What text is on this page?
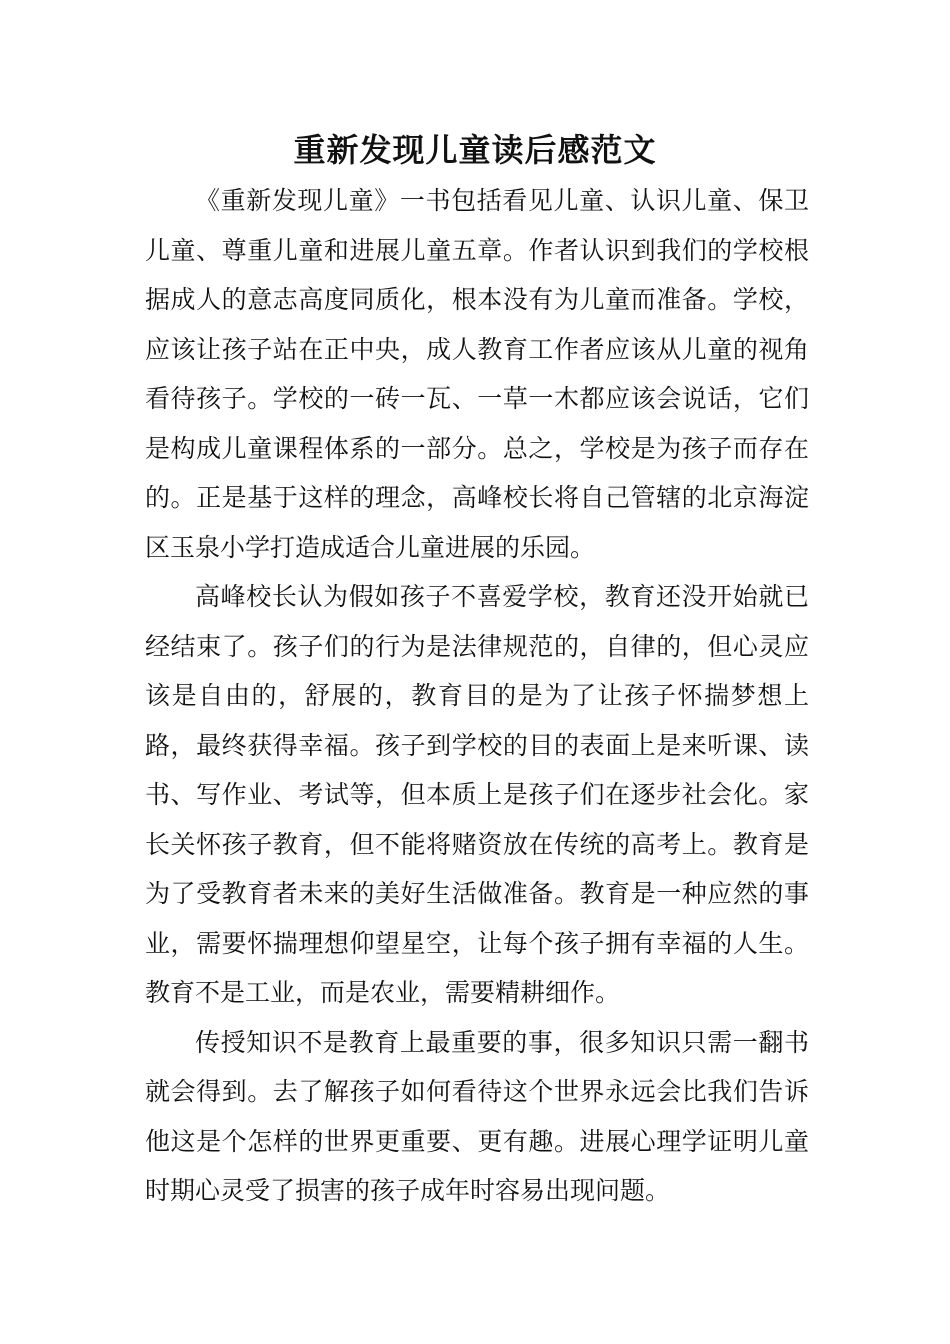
重新发现儿童读后感范文

《重新发现儿童》一书包括看见儿童、认识儿童、保卫儿童、尊重儿童和进展儿童五章。作者认识到我们的学校根据成人的意志高度同质化，根本没有为儿童而准备。学校，应该让孩子站在正中央，成人教育工作者应该从儿童的视角看待孩子。学校的一砖一瓦、一草一木都应该会说话，它们是构成儿童课程体系的一部分。总之，学校是为孩子而存在的。正是基于这样的理念，高峰校长将自己管辖的北京海淀区玉泉小学打造成适合儿童进展的乐园。

高峰校长认为假如孩子不喜爱学校，教育还没开始就已经结束了。孩子们的行为是法律规范的，自律的，但心灵应该是自由的，舒展的，教育目的是为了让孩子怀揣梦想上路，最终获得幸福。孩子到学校的目的表面上是来听课、读书、写作业、考试等，但本质上是孩子们在逐步社会化。家长关怀孩子教育，但不能将赌资放在传统的高考上。教育是为了受教育者未来的美好生活做准备。教育是一种应然的事业，需要怀揣理想仰望星空，让每个孩子拥有幸福的人生。教育不是工业，而是农业，需要精耕细作。

传授知识不是教育上最重要的事，很多知识只需一翻书就会得到。去了解孩子如何看待这个世界永远会比我们告诉他这是个怎样的世界更重要、更有趣。进展心理学证明儿童时期心灵受了损害的孩子成年时容易出现问题。
